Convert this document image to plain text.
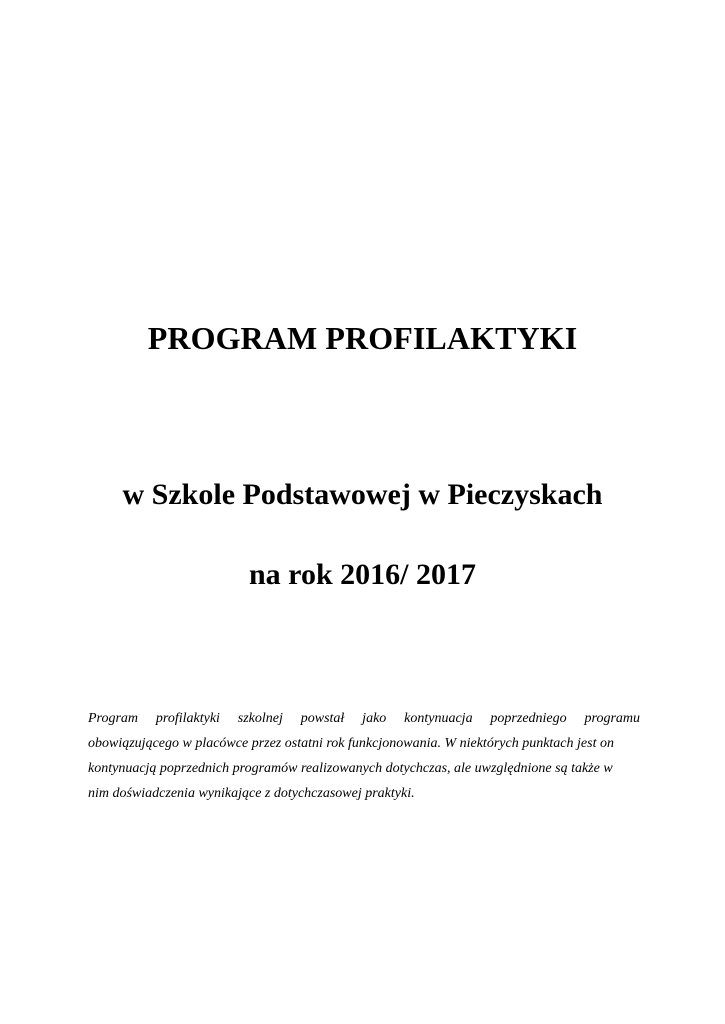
PROGRAM PROFILAKTYKI
w Szkole Podstawowej w Pieczyskach
na rok 2016/ 2017
Program profilaktyki szkolnej powstał jako kontynuacja poprzedniego programu
obowiązującego w placówce przez ostatni rok funkcjonowania. W niektórych punktach jest on
kontynuacją poprzednich programów realizowanych dotychczas, ale uwzględnione są także w
nim doświadczenia wynikające z dotychczasowej praktyki.
